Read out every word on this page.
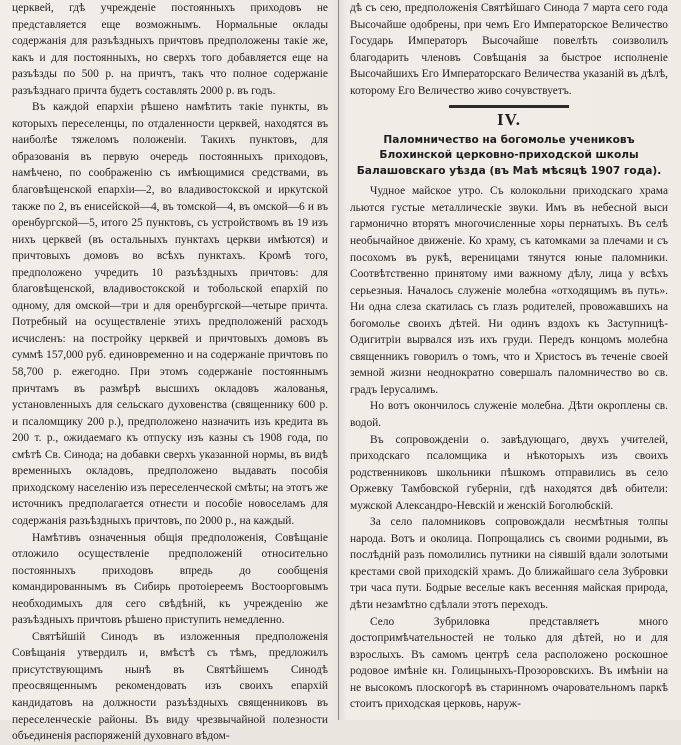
церквей, гдѣ учрежденіе постоянныхъ приходовъ не представляется еще возможнымъ. Нормальные оклады содержанія для разъѣздныхъ причтовъ предположены такіе же, какъ и для постоянныхъ, но сверхъ того добавляется еще на разъѣзды по 500 р. на причтъ, такъ что полное содержаніе разъѣзднаго причта будетъ составлять 2000 р. въ годъ.

Въ каждой епархіи рѣшено намѣтить такіе пункты, въ которыхъ переселенцы, по отдаленности церквей, находятся въ наиболѣе тяжеломъ положеніи. Такихъ пунктовъ, для образованія въ первую очередь постоянныхъ приходовъ, намѣчено, по соображенію съ имѣющимися средствами, въ благовѣщенской епархіи—2, во владивостокской и иркутской также по 2, въ енисейской—4, въ томской—4, въ омской—6 и въ оренбургской—5, итого 25 пунктовъ, съ устройствомъ въ 19 изъ нихъ церквей (въ остальныхъ пунктахъ церкви имѣются) и причтовыхъ домовъ во всѣхъ пунктахъ. Кромѣ того, предположено учредить 10 разъѣздныхъ причтовъ: для благовѣщенской, владивостокской и тобольской епархій по одному, для омской—три и для оренбургской—четыре причта. Потребный на осуществленіе этихъ предположеній расходъ исчисленъ: на постройку церквей и причтовыхъ домовъ въ суммѣ 157,000 руб. единовременно и на содержаніе причтовъ по 58,700 р. ежегодно. При этомъ содержаніе постояннымъ причтамъ въ размѣрѣ высшихъ окладовъ жалованья, установленныхъ для сельскаго духовенства (священнику 600 р. и псаломщику 200 р.), предположено назначить изъ кредита въ 200 т. р., ожидаемаго къ отпуску изъ казны съ 1908 года, по смѣтѣ Св. Синода; на добавки сверхъ указанной нормы, въ видѣ временныхъ окладовъ, предположено выдавать пособія приходскому населенію изъ переселенческой смѣты; на этотъ же источникъ предполагается отнести и пособіе новоселамъ для содержанія разъѣздныхъ причтовъ, по 2000 р., на каждый.

Намѣтивъ означенныя общія предположенія, Совѣщаніе отложило осуществленіе предположеній относительно постоянныхъ приходовъ впредь до сообщенія командированнымъ въ Сибирь протоіереемъ Востоорговымъ необходимыхъ для сего свѣдѣній, къ учрежденію же разъѣздныхъ причтовъ рѣшено приступить немедленно.

Святѣйшій Синодъ въ изложенныя предположенія Совѣщанія утвердилъ и, вмѣстѣ съ тѣмъ, предложилъ присутствующимъ нынѣ въ Святѣйшемъ Синодѣ преосвященнымъ рекомендовать изъ своихъ епархій кандидатовъ на должности разъѣздныхъ священниковъ въ переселенческіе районы. Въ виду чрезвычайной полезности объединенія распоряженій духовнаго вѣдом-

дѣ съ сею, предположенія Святѣйшаго Синода 7 марта сего года Высочайше одобрены, при чемъ Его Императорское Величество Государь Императоръ Высочайше повелѣть соизволилъ благодарить членовъ Совѣщанія за быстрое исполненіе Высочайшихъ Его Императорскаго Величества указаній въ дѣлѣ, которому Его Величество живо сочувствуетъ.

IV.
Паломничество на богомолье учениковъ Блохинской церковно-приходской школы Балашовскаго уѣзда (въ Маѣ мѣсяцѣ 1907 года).

Чудное майское утро. Съ колокольни приходскаго храма льются густые металлическіе звуки. Имъ въ небесной выси гармонично вторятъ многочисленные хоры пернатыхъ. Въ селѣ необычайное движеніе. Ко храму, съ катомками за плечами и съ посохомъ въ рукѣ, вереницами тянутся юные паломники. Соотвѣтственно принятому ими важному дѣлу, лица у всѣхъ серьезныя. Началось служеніе молебна «отходящимъ въ путь». Ни одна слеза скатилась съ глазъ родителей, провожавшихъ на богомолье своихъ дѣтей. Ни одинъ вздохъ къ Заступницѣ-Одигитріи вырвался изъ ихъ груди. Передъ концомъ молебна священникъ говорилъ о томъ, что и Христосъ въ теченіе своей земной жизни неоднократно совершалъ паломничество во св. градъ Іерусалимъ.

Но вотъ окончилось служеніе молебна. Дѣти окроплены св. водой.

Въ сопровожденіи о. завѣдующаго, двухъ учителей, приходскаго псаломщика и нѣкоторыхъ изъ своихъ родственниковъ школьники пѣшкомъ отправились въ село Оржевку Тамбовской губерніи, гдѣ находятся двѣ обители: мужской Александро-Невскій и женскій Боголюбскій.

За село паломниковъ сопровождали несмѣтныя толпы народа. Вотъ и околица. Попрощались съ своими родными, въ послѣдній разъ помолились путники на сіявшій вдали золотыми крестами свой приходскій храмъ. До ближайшаго села Зубровки три часа пути. Бодрые веселые какъ весенняя майская природа, дѣти незамѣтно сдѣлали этотъ переходъ.

Село Зубриловка представляетъ много достопримѣчательностей не только для дѣтей, но и для взрослыхъ. Въ самомъ центрѣ села расположено роскошное родовое имѣніе кн. Голицыныхъ-Прозоровскихъ. Въ имѣніи на не высокомъ плоскогорѣ въ старинномъ очаровательномъ паркѣ стоитъ приходская церковь, наруж-
